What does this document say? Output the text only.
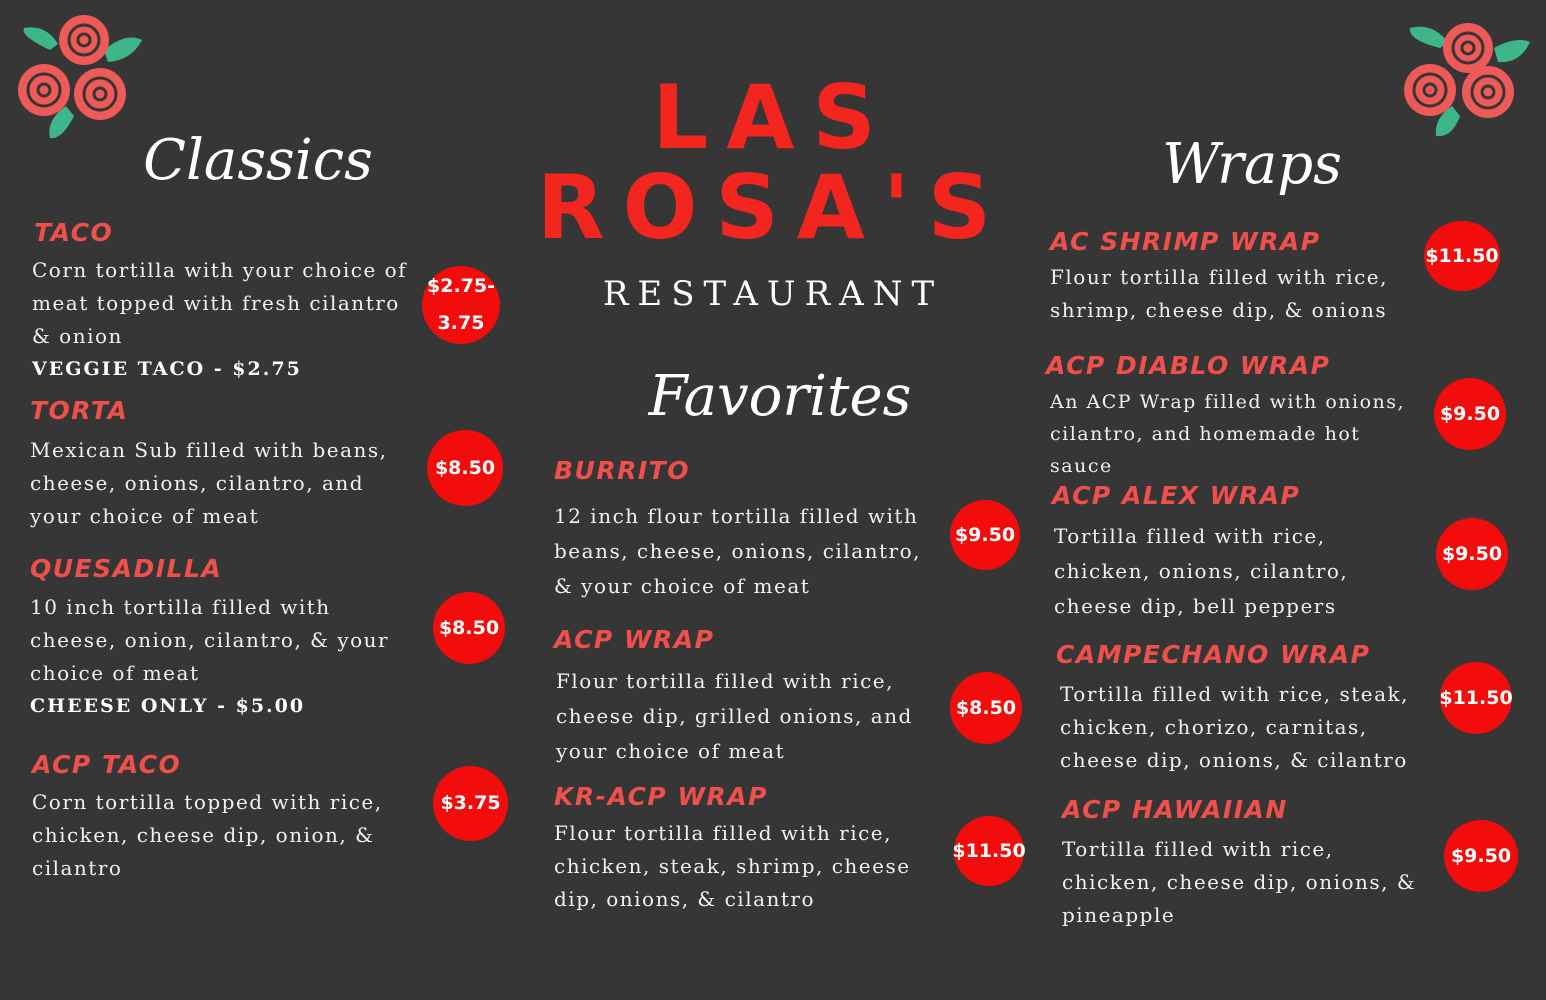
LAS
ROSA'S
RESTAURANT
Classics
Favorites
Wraps
TACO
Corn tortilla with your choice of meat topped with fresh cilantro & onion
VEGGIE TACO - $2.75
$2.75-
3.75
TORTA
Mexican Sub filled with beans, cheese, onions, cilantro, and your choice of meat
$8.50
QUESADILLA
10 inch tortilla filled with cheese, onion, cilantro, & your choice of meat
CHEESE ONLY - $5.00
$8.50
ACP TACO
Corn tortilla topped with rice, chicken, cheese dip, onion, & cilantro
$3.75
BURRITO
12 inch flour tortilla filled with beans, cheese, onions, cilantro, & your choice of meat
$9.50
ACP WRAP
Flour tortilla filled with rice, cheese dip, grilled onions, and your choice of meat
$8.50
KR-ACP WRAP
Flour tortilla filled with rice, chicken, steak, shrimp, cheese dip, onions, & cilantro
$11.50
AC SHRIMP WRAP
Flour tortilla filled with rice, shrimp, cheese dip, & onions
$11.50
ACP DIABLO WRAP
An ACP Wrap filled with onions, cilantro, and homemade hot sauce
$9.50
ACP ALEX WRAP
Tortilla filled with rice, chicken, onions, cilantro, cheese dip, bell peppers
$9.50
CAMPECHANO WRAP
Tortilla filled with rice, steak, chicken, chorizo, carnitas, cheese dip, onions, & cilantro
$11.50
ACP HAWAIIAN
Tortilla filled with rice, chicken, cheese dip, onions, & pineapple
$9.50
